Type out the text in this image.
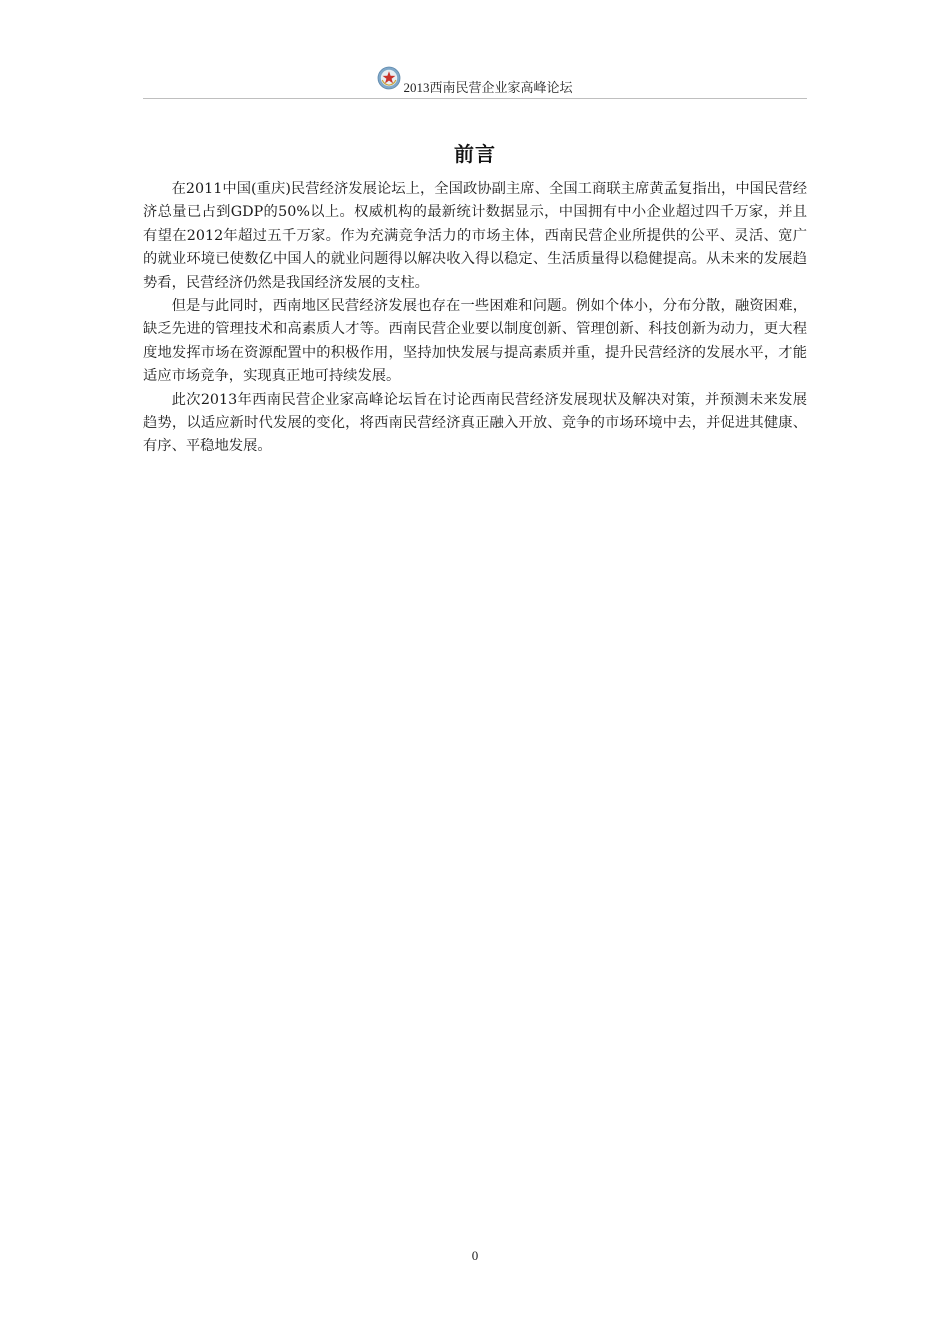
2013西南民营企业家高峰论坛
前言

在2011中国(重庆)民营经济发展论坛上，全国政协副主席、全国工商联主席黄孟复指出，中国民营经济总量已占到GDP的50%以上。权威机构的最新统计数据显示，中国拥有中小企业超过四千万家，并且有望在2012年超过五千万家。作为充满竞争活力的市场主体，西南民营企业所提供的公平、灵活、宽广的就业环境已使数亿中国人的就业问题得以解决收入得以稳定、生活质量得以稳健提高。从未来的发展趋势看，民营经济仍然是我国经济发展的支柱。

但是与此同时，西南地区民营经济发展也存在一些困难和问题。例如个体小，分布分散，融资困难，缺乏先进的管理技术和高素质人才等。西南民营企业要以制度创新、管理创新、科技创新为动力，更大程度地发挥市场在资源配置中的积极作用，坚持加快发展与提高素质并重，提升民营经济的发展水平，才能适应市场竞争，实现真正地可持续发展。

此次2013年西南民营企业家高峰论坛旨在讨论西南民营经济发展现状及解决对策，并预测未来发展趋势，以适应新时代发展的变化，将西南民营经济真正融入开放、竞争的市场环境中去，并促进其健康、有序、平稳地发展。

0
